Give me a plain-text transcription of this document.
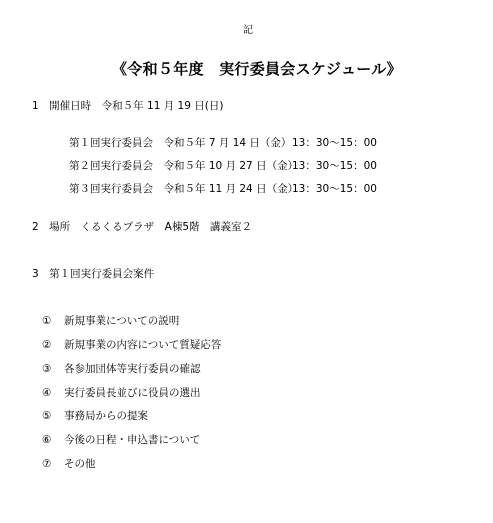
記
《令和５年度　実行委員会スケジュール》
1　開催日時　令和５年 11 月 19 日(日)
第１回実行委員会　令和５年 7 月 14 日（金） 13：30～15：00
第２回実行委員会　令和５年 10 月 27 日（金）
13：30～15：00
第３回実行委員会　令和５年 11 月 24 日（金）
13：30～15：00
2　場所　くるくるプラザ　A棟5階　講義室２
3　第１回実行委員会案件
①	新規事業についての説明
②	新規事業の内容について質疑応答
③	各参加団体等実行委員の確認
④	実行委員長並びに役員の選出
⑤	事務局からの提案
⑥	今後の日程・申込書について
⑦	その他
